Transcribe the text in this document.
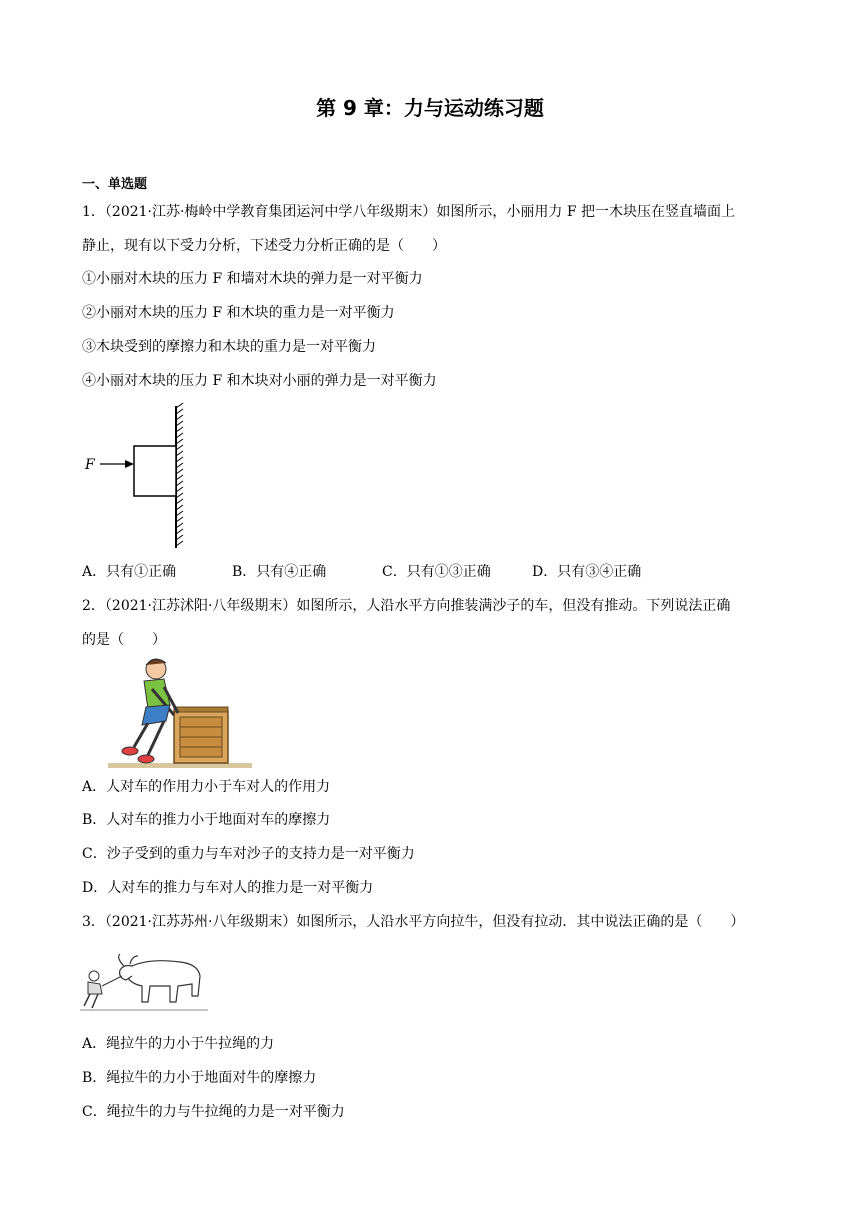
第 9 章：力与运动练习题
一、单选题
1．（2021·江苏·梅岭中学教育集团运河中学八年级期末）如图所示，小丽用力 F 把一木块压在竖直墙面上
静止，现有以下受力分析，下述受力分析正确的是（　　）
①小丽对木块的压力 F 和墙对木块的弹力是一对平衡力
②小丽对木块的压力 F 和木块的重力是一对平衡力
③木块受到的摩擦力和木块的重力是一对平衡力
④小丽对木块的压力 F 和木块对小丽的弹力是一对平衡力
F
A．只有①正确	B．只有④正确	C．只有①③正确	D．只有③④正确
2．（2021·江苏沭阳·八年级期末）如图所示，人沿水平方向推装满沙子的车，但没有推动。下列说法正确
的是（　　）
A．人对车的作用力小于车对人的作用力
B．人对车的推力小于地面对车的摩擦力
C．沙子受到的重力与车对沙子的支持力是一对平衡力
D．人对车的推力与车对人的推力是一对平衡力
3．（2021·江苏苏州·八年级期末）如图所示，人沿水平方向拉牛，但没有拉动．其中说法正确的是（　　）
A．绳拉牛的力小于牛拉绳的力
B．绳拉牛的力小于地面对牛的摩擦力
C．绳拉牛的力与牛拉绳的力是一对平衡力
